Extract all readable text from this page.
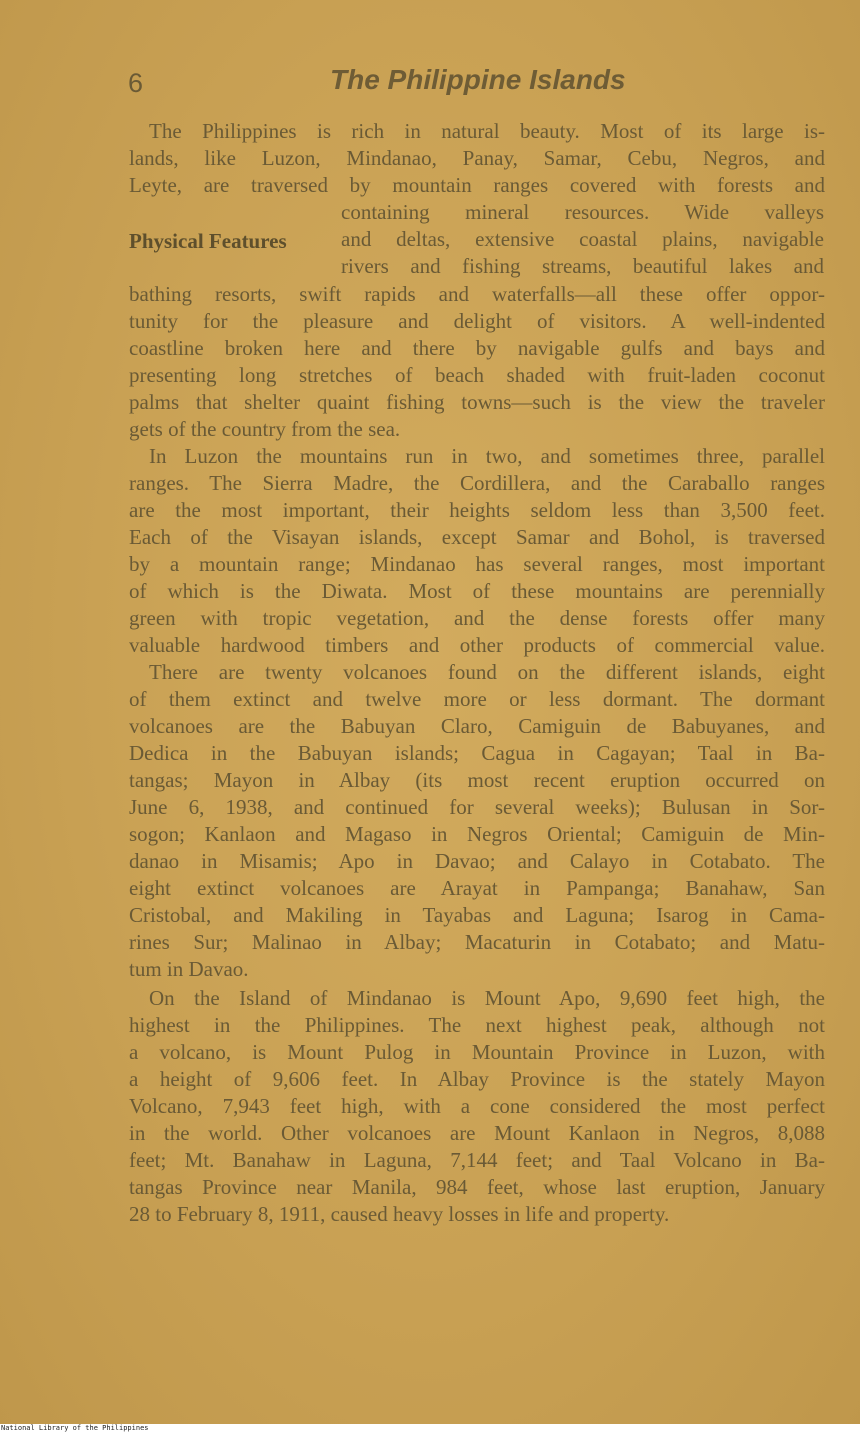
6	The Philippine Islands
The Philippines is rich in natural beauty. Most of its large is-
lands, like Luzon, Mindanao, Panay, Samar, Cebu, Negros, and
Leyte, are traversed by mountain ranges covered with forests and
Physical Features
containing mineral resources. Wide valleys
and deltas, extensive coastal plains, navigable
rivers and fishing streams, beautiful lakes and
bathing resorts, swift rapids and waterfalls—all these offer oppor-
tunity for the pleasure and delight of visitors. A well-indented
coastline broken here and there by navigable gulfs and bays and
presenting long stretches of beach shaded with fruit-laden coconut
palms that shelter quaint fishing towns—such is the view the traveler
gets of the country from the sea.
In Luzon the mountains run in two, and sometimes three, parallel
ranges. The Sierra Madre, the Cordillera, and the Caraballo ranges
are the most important, their heights seldom less than 3,500 feet.
Each of the Visayan islands, except Samar and Bohol, is traversed
by a mountain range; Mindanao has several ranges, most important
of which is the Diwata. Most of these mountains are perennially
green with tropic vegetation, and the dense forests offer many
valuable hardwood timbers and other products of commercial value.
There are twenty volcanoes found on the different islands, eight
of them extinct and twelve more or less dormant. The dormant
volcanoes are the Babuyan Claro, Camiguin de Babuyanes, and
Dedica in the Babuyan islands; Cagua in Cagayan; Taal in Ba-
tangas; Mayon in Albay (its most recent eruption occurred on
June 6, 1938, and continued for several weeks); Bulusan in Sor-
sogon; Kanlaon and Magaso in Negros Oriental; Camiguin de Min-
danao in Misamis; Apo in Davao; and Calayo in Cotabato. The
eight extinct volcanoes are Arayat in Pampanga; Banahaw, San
Cristobal, and Makiling in Tayabas and Laguna; Isarog in Cama-
rines Sur; Malinao in Albay; Macaturin in Cotabato; and Matu-
tum in Davao.
On the Island of Mindanao is Mount Apo, 9,690 feet high, the
highest in the Philippines. The next highest peak, although not
a volcano, is Mount Pulog in Mountain Province in Luzon, with
a height of 9,606 feet. In Albay Province is the stately Mayon
Volcano, 7,943 feet high, with a cone considered the most perfect
in the world. Other volcanoes are Mount Kanlaon in Negros, 8,088
feet; Mt. Banahaw in Laguna, 7,144 feet; and Taal Volcano in Ba-
tangas Province near Manila, 984 feet, whose last eruption, January
28 to February 8, 1911, caused heavy losses in life and property.
National Library of the Philippines
